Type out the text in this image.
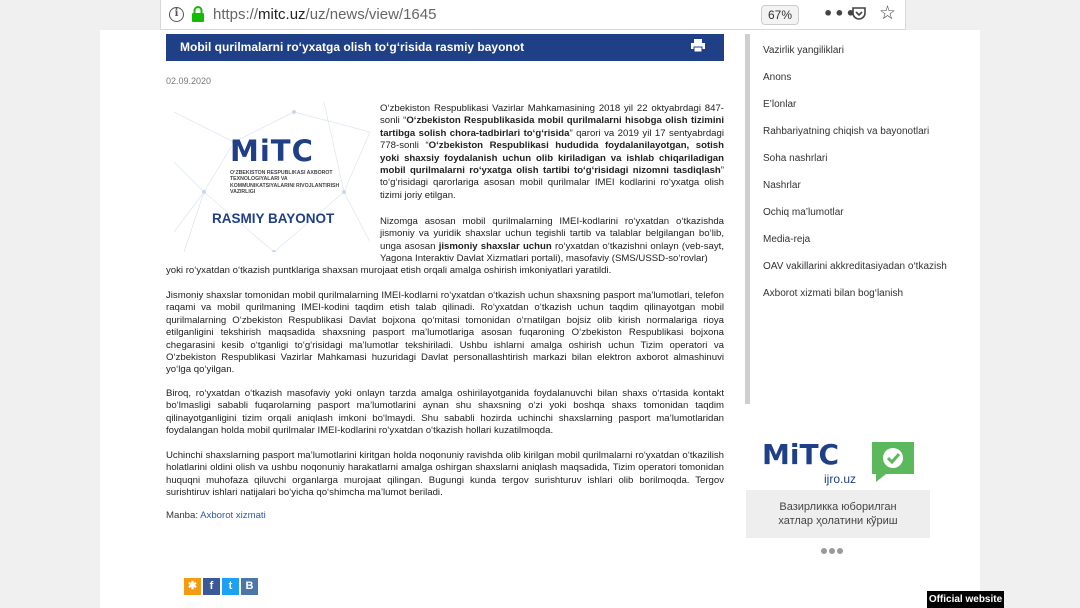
i	https://mitc.uz/uz/news/view/1645	67%	••• ☆
Mobil qurilmalarni ro‘yxatga olish to‘g‘risida rasmiy bayonot
02.09.2020
MiTC
O‘ZBEKISTON RESPUBLIKASI AXBOROT TEXNOLOGIYALARI VA KOMMUNIKATSIYALARINI RIVOJLANTIRISH VAZIRLIGI
RASMIY BAYONOT

O‘zbekiston Respublikasi Vazirlar Mahkamasining 2018 yil 22 oktyabrdagi 847-sonli “O‘zbekiston Respublikasida mobil qurilmalarni hisobga olish tizimini tartibga solish chora-tadbirlari to‘g‘risida” qarori va 2019 yil 17 sentyabrdagi 778-sonli “O‘zbekiston Respublikasi hududida foydalanilayotgan, sotish yoki shaxsiy foydalanish uchun olib kiriladigan va ishlab chiqariladigan mobil qurilmalarni ro‘yxatga olish tartibi to‘g‘risidagi nizomni tasdiqlash” to‘g‘risidagi qarorlariga asosan mobil qurilmalar IMEI kodlarini ro‘yxatga olish tizimi joriy etilgan.

Nizomga asosan mobil qurilmalarning IMEI-kodlarini ro‘yxatdan o‘tkazishda jismoniy va yuridik shaxslar uchun tegishli tartib va talablar belgilangan bo‘lib, unga asosan jismoniy shaxslar uchun ro‘yxatdan o‘tkazishni onlayn (veb-sayt, Yagona Interaktiv Davlat Xizmatlari portali), masofaviy (SMS/USSD-so‘rovlar)

yoki ro‘yxatdan o‘tkazish puntklariga shaxsan murojaat etish orqali amalga oshirish imkoniyatlari yaratildi.

Jismoniy shaxslar tomonidan mobil qurilmalarning IMEI-kodlarni ro‘yxatdan o‘tkazish uchun shaxsning pasport ma’lumotlari, telefon raqami va mobil qurilmaning IMEI-kodini taqdim etish talab qilinadi. Ro‘yxatdan o‘tkazish uchun taqdim qilinayotgan mobil qurilmalarning O‘zbekiston Respublikasi Davlat bojxona qo‘mitasi tomonidan o‘rnatilgan bojsiz olib kirish normalariga rioya etilganligini tekshirish maqsadida shaxsning pasport ma’lumotlariga asosan fuqaroning O‘zbekiston Respublikasi bojxona chegarasini kesib o‘tganligi to‘g‘risidagi ma’lumotlar tekshiriladi. Ushbu ishlarni amalga oshirish uchun Tizim operatori va O‘zbekiston Respublikasi Vazirlar Mahkamasi huzuridagi Davlat personallashtirish markazi bilan elektron axborot almashinuvi yo‘lga qo‘yilgan.

Biroq, ro‘yxatdan o‘tkazish masofaviy yoki onlayn tarzda amalga oshirilayotganida foydalanuvchi bilan shaxs o‘rtasida kontakt bo‘lmasligi sababli fuqarolarning pasport ma’lumotlarini aynan shu shaxsning o‘zi yoki boshqa shaxs tomonidan taqdim qilinayotganligini tizim orqali aniqlash imkoni bo‘lmaydi. Shu sababli hozirda uchinchi shaxslarning pasport ma’lumotlaridan foydalangan holda mobil qurilmalar IMEI-kodlarini ro‘yxatdan o‘tkazish hollari kuzatilmoqda.

Uchinchi shaxslarning pasport ma’lumotlarini kiritgan holda noqonuniy ravishda olib kirilgan mobil qurilmalarni ro‘yxatdan o‘tkazilish holatlarini oldini olish va ushbu noqonuniy harakatlarni amalga oshirgan shaxslarni aniqlash maqsadida, Tizim operatori tomonidan huquqni muhofaza qiluvchi organlarga murojaat qilingan. Bugungi kunda tergov surishturuv ishlari olib borilmoqda. Tergov surishtiruv ishlari natijalari bo‘yicha qo‘shimcha ma’lumot beriladi.

Manba: Axborot xizmati
✱	f	t	B
Vazirlik yangiliklari
Anons
E’lonlar
Rahbariyatning chiqish va bayonotlari
Soha nashrlari
Nashrlar
Ochiq ma’lumotlar
Media-reja
OAV vakillarini akkreditasiyadan o‘tkazish
Axborot xizmati bilan bog‘lanish
MiTC
ijro.uz
Вазирликка юборилган
хатлар ҳолатини кўриш
Official website
